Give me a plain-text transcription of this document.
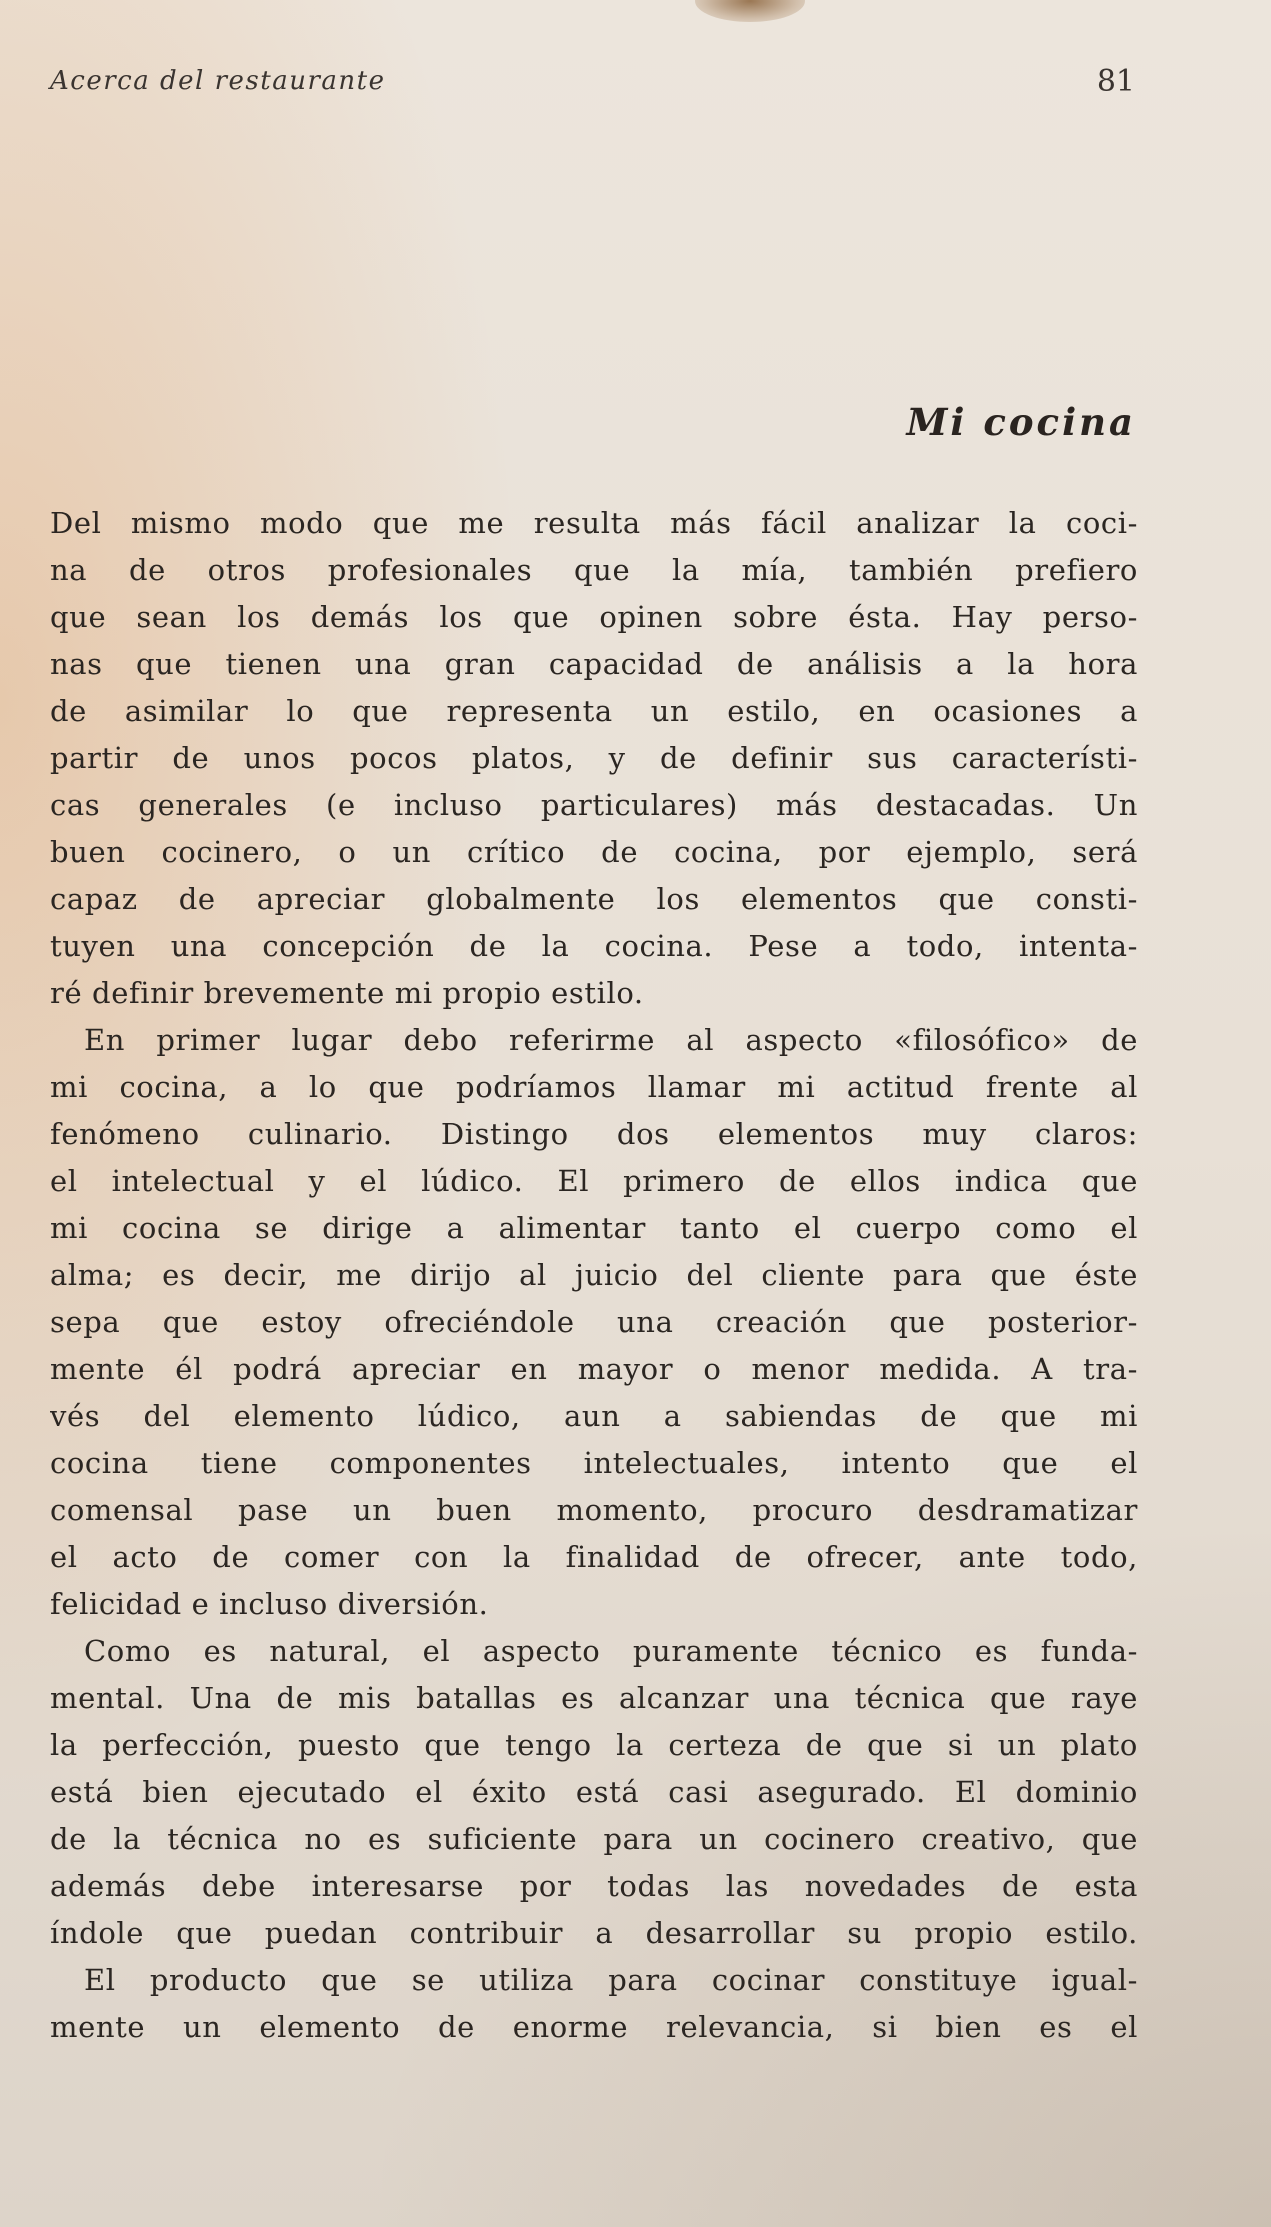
Acerca del restaurante	81
Mi cocina
Del mismo modo que me resulta más fácil analizar la coci-
na de otros profesionales que la mía, también prefiero
que sean los demás los que opinen sobre ésta. Hay perso-
nas que tienen una gran capacidad de análisis a la hora
de asimilar lo que representa un estilo, en ocasiones a
partir de unos pocos platos, y de definir sus característi-
cas generales (e incluso particulares) más destacadas. Un
buen cocinero, o un crítico de cocina, por ejemplo, será
capaz de apreciar globalmente los elementos que consti-
tuyen una concepción de la cocina. Pese a todo, intenta-
ré definir brevemente mi propio estilo.
En primer lugar debo referirme al aspecto «filosófico» de
mi cocina, a lo que podríamos llamar mi actitud frente al
fenómeno culinario. Distingo dos elementos muy claros:
el intelectual y el lúdico. El primero de ellos indica que
mi cocina se dirige a alimentar tanto el cuerpo como el
alma; es decir, me dirijo al juicio del cliente para que éste
sepa que estoy ofreciéndole una creación que posterior-
mente él podrá apreciar en mayor o menor medida. A tra-
vés del elemento lúdico, aun a sabiendas de que mi
cocina tiene componentes intelectuales, intento que el
comensal pase un buen momento, procuro desdramatizar
el acto de comer con la finalidad de ofrecer, ante todo,
felicidad e incluso diversión.
Como es natural, el aspecto puramente técnico es funda-
mental. Una de mis batallas es alcanzar una técnica que raye
la perfección, puesto que tengo la certeza de que si un plato
está bien ejecutado el éxito está casi asegurado. El dominio
de la técnica no es suficiente para un cocinero creativo, que
además debe interesarse por todas las novedades de esta
índole que puedan contribuir a desarrollar su propio estilo.
El producto que se utiliza para cocinar constituye igual-
mente un elemento de enorme relevancia, si bien es el
